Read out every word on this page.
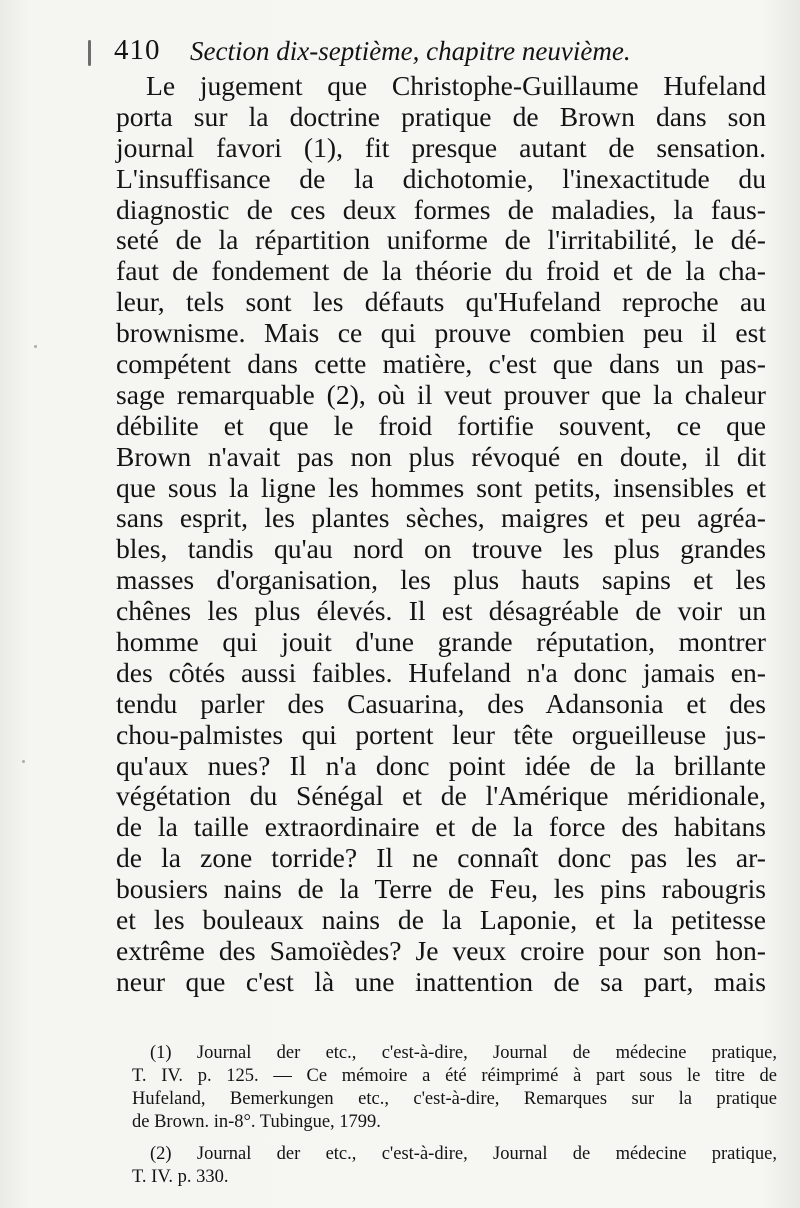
410 Section dix-septième, chapitre neuvième.
Le jugement que Christophe-Guillaume Hufeland
porta sur la doctrine pratique de Brown dans son
journal favori (1), fit presque autant de sensation.
L'insuffisance de la dichotomie, l'inexactitude du
diagnostic de ces deux formes de maladies, la faus-
seté de la répartition uniforme de l'irritabilité, le dé-
faut de fondement de la théorie du froid et de la cha-
leur, tels sont les défauts qu'Hufeland reproche au
brownisme. Mais ce qui prouve combien peu il est
compétent dans cette matière, c'est que dans un pas-
sage remarquable (2), où il veut prouver que la chaleur
débilite et que le froid fortifie souvent, ce que
Brown n'avait pas non plus révoqué en doute, il dit
que sous la ligne les hommes sont petits, insensibles et
sans esprit, les plantes sèches, maigres et peu agréa-
bles, tandis qu'au nord on trouve les plus grandes
masses d'organisation, les plus hauts sapins et les
chênes les plus élevés. Il est désagréable de voir un
homme qui jouit d'une grande réputation, montrer
des côtés aussi faibles. Hufeland n'a donc jamais en-
tendu parler des Casuarina, des Adansonia et des
chou-palmistes qui portent leur tête orgueilleuse jus-
qu'aux nues? Il n'a donc point idée de la brillante
végétation du Sénégal et de l'Amérique méridionale,
de la taille extraordinaire et de la force des habitans
de la zone torride? Il ne connaît donc pas les ar-
bousiers nains de la Terre de Feu, les pins rabougris
et les bouleaux nains de la Laponie, et la petitesse
extrême des Samoïèdes? Je veux croire pour son hon-
neur que c'est là une inattention de sa part, mais
(1) Journal der etc., c'est-à-dire, Journal de médecine pratique,
T. IV. p. 125. — Ce mémoire a été réimprimé à part sous le titre de
Hufeland, Bemerkungen etc., c'est-à-dire, Remarques sur la pratique
de Brown. in-8°. Tubingue, 1799.
(2) Journal der etc., c'est-à-dire, Journal de médecine pratique,
T. IV. p. 330.
